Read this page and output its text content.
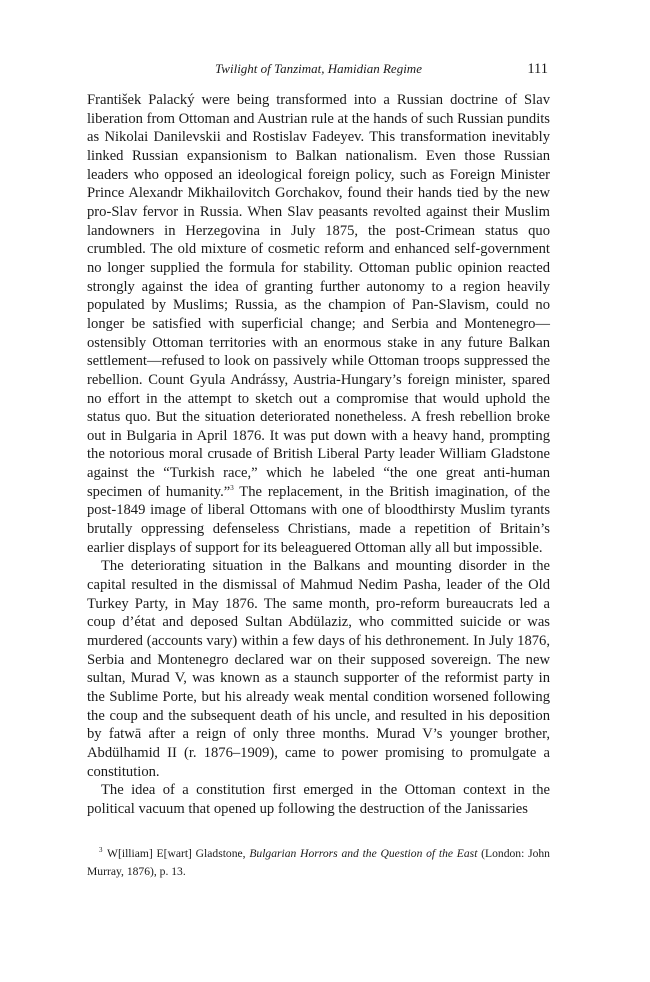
Twilight of Tanzimat, Hamidian Regime	111

František Palacký were being transformed into a Russian doctrine of Slav liberation from Ottoman and Austrian rule at the hands of such Russian pundits as Nikolai Danilevskii and Rostislav Fadeyev. This transformation inevitably linked Russian expansionism to Balkan nationalism. Even those Russian leaders who opposed an ideological foreign policy, such as Foreign Minister Prince Alexandr Mikhailovitch Gorchakov, found their hands tied by the new pro-Slav fervor in Russia. When Slav peasants revolted against their Muslim landowners in Herzegovina in July 1875, the post-Crimean status quo crumbled. The old mixture of cosmetic reform and enhanced self-government no longer supplied the formula for stability. Ottoman public opinion reacted strongly against the idea of granting further autonomy to a region heavily populated by Muslims; Russia, as the champion of Pan-Slavism, could no longer be satisfied with superficial change; and Serbia and Montenegro—ostensibly Ottoman territories with an enormous stake in any future Balkan settlement—refused to look on passively while Ottoman troops suppressed the rebellion. Count Gyula Andrássy, Austria-Hungary’s foreign minister, spared no effort in the attempt to sketch out a compromise that would uphold the status quo. But the situation deteriorated nonetheless. A fresh rebellion broke out in Bulgaria in April 1876. It was put down with a heavy hand, prompting the notorious moral crusade of British Liberal Party leader William Gladstone against the “Turkish race,” which he labeled “the one great anti-human specimen of humanity.”$^3$ The replacement, in the British imagination, of the post-1849 image of liberal Ottomans with one of bloodthirsty Muslim tyrants brutally oppressing defenseless Christians, made a repetition of Britain’s earlier displays of support for its beleaguered Ottoman ally all but impossible.

The deteriorating situation in the Balkans and mounting disorder in the capital resulted in the dismissal of Mahmud Nedim Pasha, leader of the Old Turkey Party, in May 1876. The same month, pro-reform bureaucrats led a coup d’état and deposed Sultan Abdülaziz, who committed suicide or was murdered (accounts vary) within a few days of his dethronement. In July 1876, Serbia and Montenegro declared war on their supposed sovereign. The new sultan, Murad V, was known as a staunch supporter of the reformist party in the Sublime Porte, but his already weak mental condition worsened following the coup and the subsequent death of his uncle, and resulted in his deposition by fatwā after a reign of only three months. Murad V’s younger brother, Abdülhamid II (r. 1876–1909), came to power promising to promulgate a constitution.

The idea of a constitution first emerged in the Ottoman context in the political vacuum that opened up following the destruction of the Janissaries

$^3$ W[illiam] E[wart] Gladstone, Bulgarian Horrors and the Question of the East (London: John Murray, 1876), p. 13.
